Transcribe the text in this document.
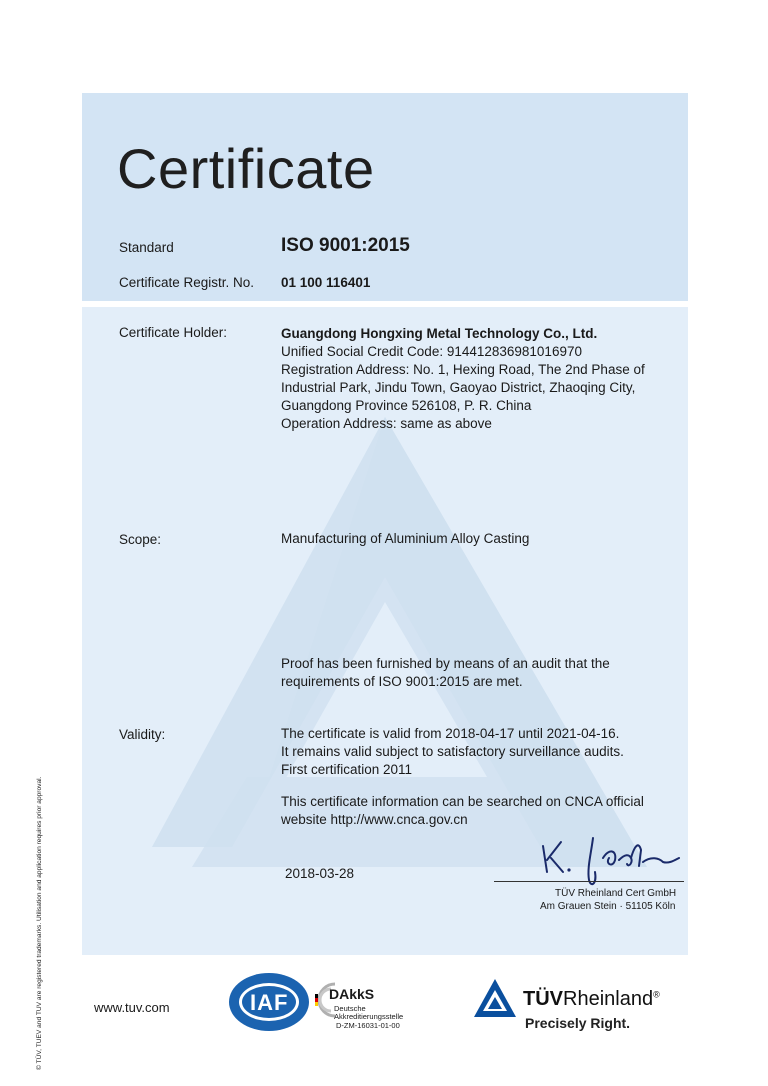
© TÜV, TUEV and TUV are registered trademarks. Utilisation and application requires prior approval.
Certificate
Standard	ISO 9001:2015
Certificate Registr. No. 01 100 116401
Certificate Holder:	Guangdong Hongxing Metal Technology Co., Ltd.
Unified Social Credit Code: 914412836981016970
Registration Address: No. 1, Hexing Road, The 2nd Phase of
Industrial Park, Jindu Town, Gaoyao District, Zhaoqing City,
Guangdong Province 526108, P. R. China
Operation Address: same as above
Scope:	Manufacturing of Aluminium Alloy Casting
Proof has been furnished by means of an audit that the
requirements of ISO 9001:2015 are met.
Validity:	The certificate is valid from 2018-04-17 until 2021-04-16.
It remains valid subject to satisfactory surveillance audits.
First certification 2011
This certificate information can be searched on CNCA official
website http://www.cnca.gov.cn
2018-03-28
TÜV Rheinland Cert GmbH
Am Grauen Stein · 51105 Köln
www.tuv.com	IAF	DAkkS
Deutsche
Akkreditierungsstelle
D-ZM-16031-01-00
TÜVRheinland®
Precisely Right.
